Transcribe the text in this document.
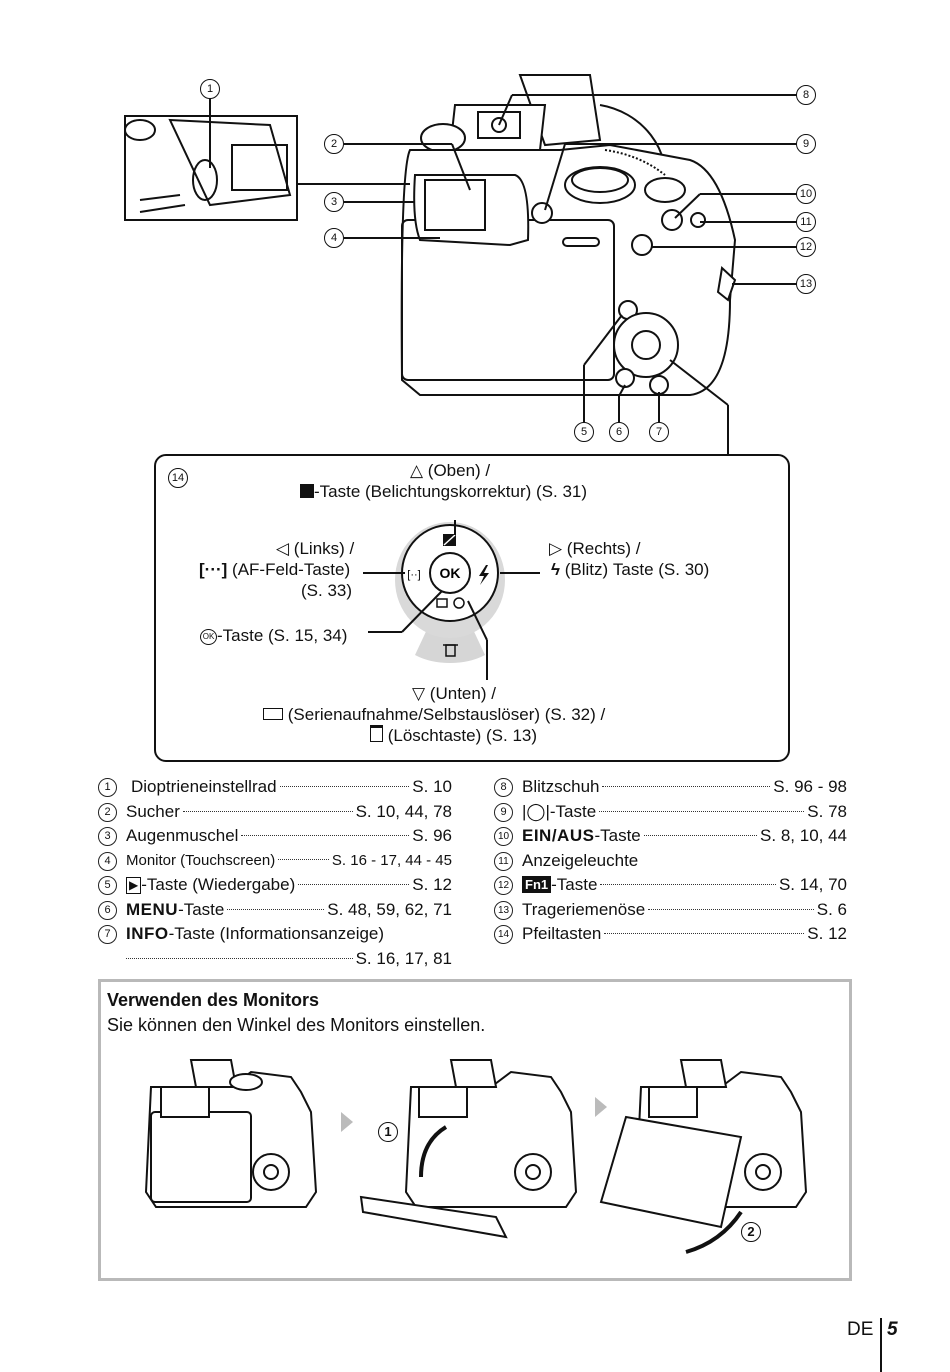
1
2
3
4
5	6	7
8
9
10
11
12
13
14
OK
[··]
△ (Oben) /
-Taste (Belichtungskorrektur) (S. 31)
◁ (Links) /
[···] (AF-Feld-Taste)
(S. 33)
▷ (Rechts) /
ϟ (Blitz) Taste (S. 30)
OK -Taste (S. 15, 34)
▽ (Unten) /
(Serienaufnahme/Selbstauslöser) (S. 32) /
(Löschtaste) (S. 13)
1	Dioptrieneinstellrad	S. 10
2 Sucher	S. 10, 44, 78
3 Augenmuschel	S. 96
4	Monitor (Touchscreen)	S. 16 - 17, 44 - 45
5	▶ -Taste (Wiedergabe)	S. 12
6 MENU-Taste	S. 48, 59, 62, 71
7 INFO-Taste (Informationsanzeige)
S. 16, 17, 81
8 Blitzschuh	S. 96 - 98
9 |◯|-Taste	S. 78
10 EIN/AUS-Taste	S. 8, 10, 44
11 Anzeigeleuchte
12	Fn1 -Taste	S. 14, 70
13 Trageriemenöse	S. 6
14 Pfeiltasten	S. 12
Verwenden des Monitors
Sie können den Winkel des Monitors einstellen.
1
2
DE 5
